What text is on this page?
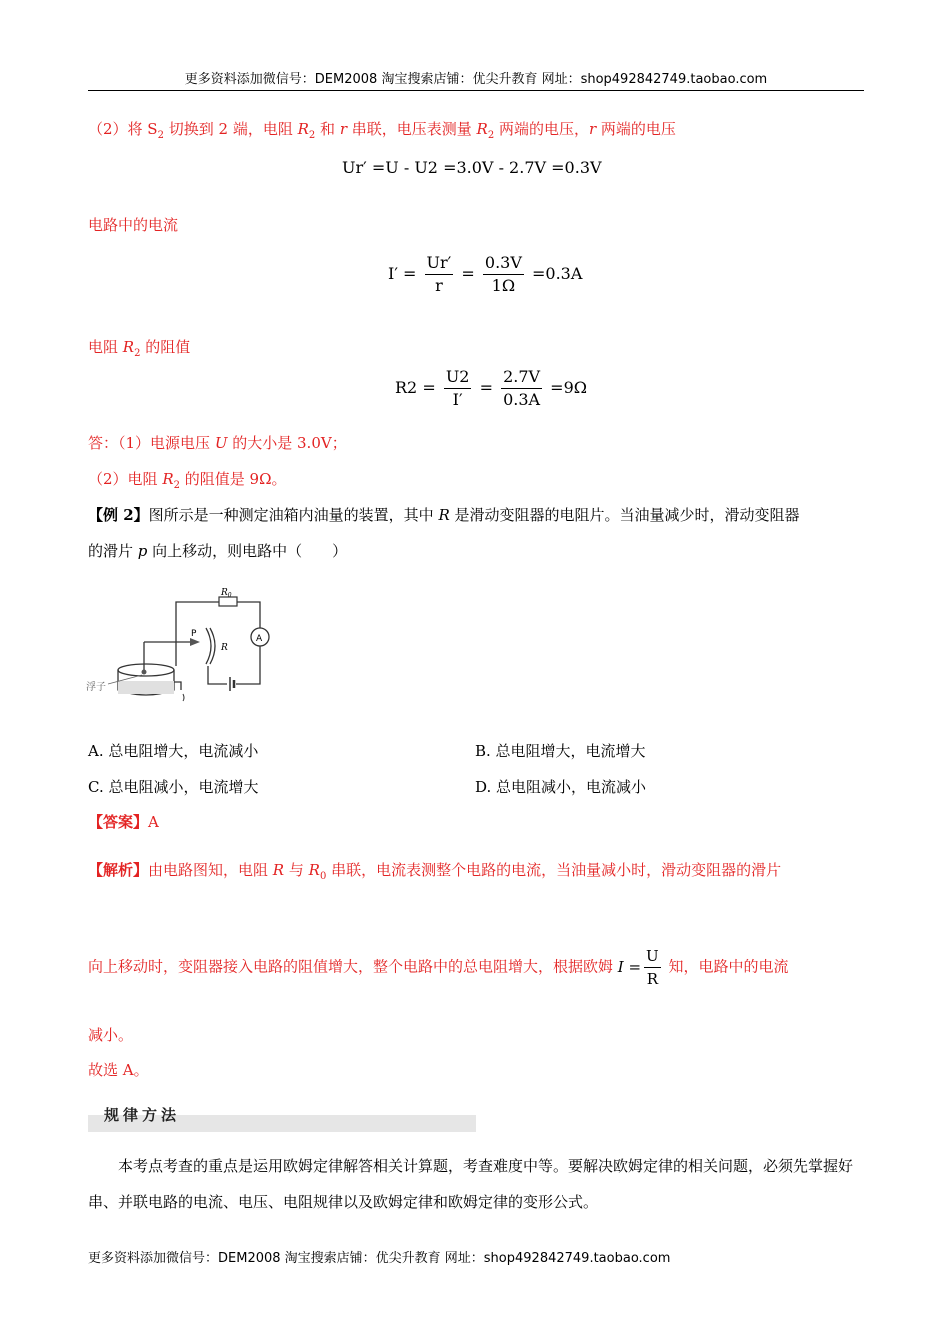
更多资料添加微信号：DEM2008 淘宝搜索店铺：优尖升教育 网址：shop492842749.taobao.com
（2）将 $S_2$ 切换到 2 端，电阻 $R_2$ 和 r 串联，电压表测量 $R_2$ 两端的电压，r 两端的电压
Ur′ =U - U2 =3.0V - 2.7V =0.3V
电路中的电流
$I' = \frac{Ur'}{r} = \frac{0.3V}{1\Omega} =0.3A$
电阻 $R_2$ 的阻值
$R2 = \frac{U2}{I'} = \frac{2.7V}{0.3A} =9\Omega$
答：（1）电源电压 U 的大小是 3.0V；
（2）电阻 $R_2$ 的阻值是 9Ω。
【例 2】图所示是一种测定油箱内油量的装置，其中 R 是滑动变阻器的电阻片。当油量减少时，滑动变阻器
的滑片 p 向上移动，则电路中（　　）
$R_0$
P
R
A
浮子
A. 总电阻增大，电流减小	B. 总电阻增大，电流增大
C. 总电阻减小，电流增大	D. 总电阻减小，电流减小
【答案】A
【解析】由电路图知，电阻 R 与 $R_0$ 串联，电流表测整个电路的电流，当油量减小时，滑动变阻器的滑片
向上移动时，变阻器接入电路的阻值增大，整个电路中的总电阻增大，根据欧姆 $I = \frac{U}{R}$ 知，电路中的电流
减小。
故选 A。
规律方法
本考点考查的重点是运用欧姆定律解答相关计算题，考查难度中等。要解决欧姆定律的相关问题，必须先掌握好串、并联电路的电流、电压、电阻规律以及欧姆定律和欧姆定律的变形公式。
更多资料添加微信号：DEM2008 淘宝搜索店铺：优尖升教育 网址：shop492842749.taobao.com
